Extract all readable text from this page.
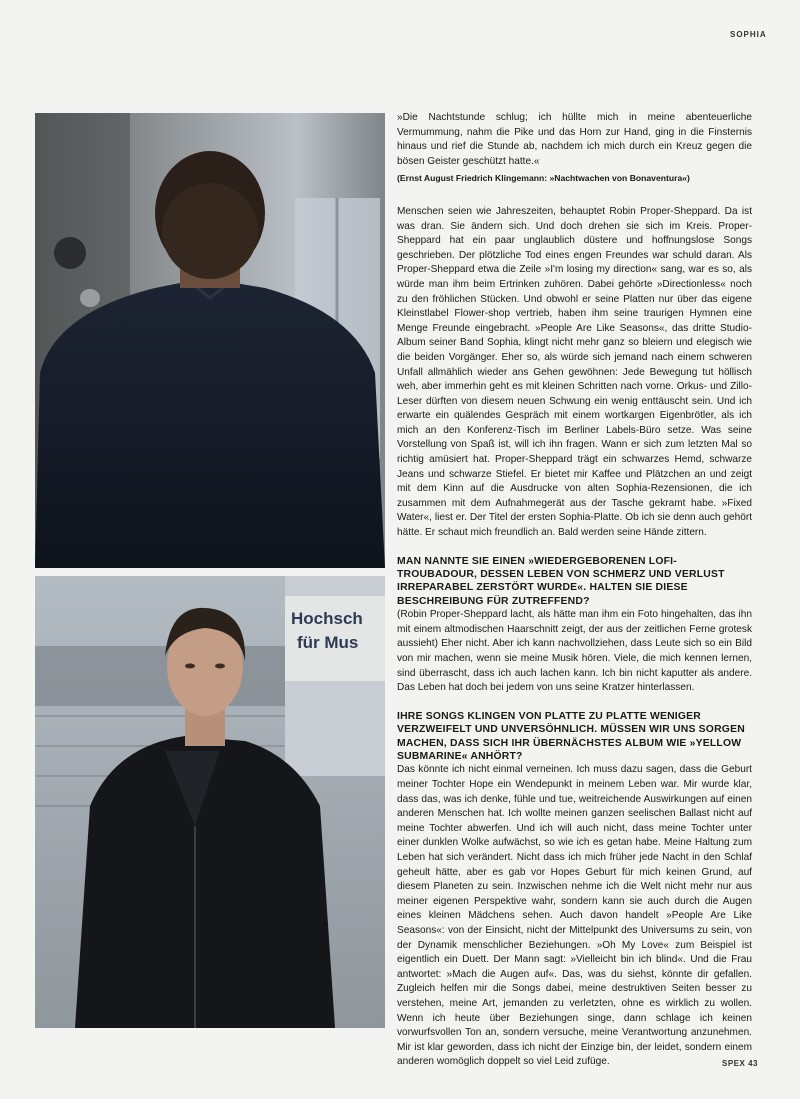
SOPHIA
Hochsch
für Mus

»Die Nachtstunde schlug; ich hüllte mich in meine abenteuerliche Vermummung, nahm die Pike und das Horn zur Hand, ging in die Finsternis hinaus und rief die Stunde ab, nachdem ich mich durch ein Kreuz gegen die bösen Geister geschützt hatte.«

(Ernst August Friedrich Klingemann: »Nachtwachen von Bonaventura«)

Menschen seien wie Jahreszeiten, behauptet Robin Proper-Sheppard. Da ist was dran. Sie ändern sich. Und doch drehen sie sich im Kreis. Proper-Sheppard hat ein paar unglaublich düstere und hoffnungslose Songs geschrieben. Der plötzliche Tod eines engen Freundes war schuld daran. Als Proper-Sheppard etwa die Zeile »I'm losing my direction« sang, war es so, als würde man ihm beim Ertrinken zuhören. Dabei gehörte »Directionless« noch zu den fröhlichen Stücken. Und obwohl er seine Platten nur über das eigene Kleinstlabel Flower-shop vertrieb, haben ihm seine traurigen Hymnen eine Menge Freunde eingebracht. »People Are Like Seasons«, das dritte Studio-Album seiner Band Sophia, klingt nicht mehr ganz so bleiern und elegisch wie die beiden Vorgänger. Eher so, als würde sich jemand nach einem schweren Unfall allmählich wieder ans Gehen gewöhnen: Jede Bewegung tut höllisch weh, aber immerhin geht es mit kleinen Schritten nach vorne. Orkus- und Zillo-Leser dürften von diesem neuen Schwung ein wenig enttäuscht sein. Und ich erwarte ein quälendes Gespräch mit einem wortkargen Eigenbrötler, als ich mich an den Konferenz-Tisch im Berliner Labels-Büro setze. Was seine Vorstellung von Spaß ist, will ich ihn fragen. Wann er sich zum letzten Mal so richtig amüsiert hat. Proper-Sheppard trägt ein schwarzes Hemd, schwarze Jeans und schwarze Stiefel. Er bietet mir Kaffee und Plätzchen an und zeigt mit dem Kinn auf die Ausdrucke von alten Sophia-Rezensionen, die ich zusammen mit dem Aufnahmegerät aus der Tasche gekramt habe. »Fixed Water«, liest er. Der Titel der ersten Sophia-Platte. Ob ich sie denn auch gehört hätte. Er schaut mich freundlich an. Bald werden seine Hände zittern.

MAN NANNTE SIE EINEN »WIEDERGEBORENEN LOFI-TROUBADOUR, DESSEN LEBEN VON SCHMERZ UND VERLUST IRREPARABEL ZERSTÖRT WURDE«. HALTEN SIE DIESE BESCHREIBUNG FÜR ZUTREFFEND?

(Robin Proper-Sheppard lacht, als hätte man ihm ein Foto hingehalten, das ihn mit einem altmodischen Haarschnitt zeigt, der aus der zeitlichen Ferne grotesk aussieht) Eher nicht. Aber ich kann nachvollziehen, dass Leute sich so ein Bild von mir machen, wenn sie meine Musik hören. Viele, die mich kennen lernen, sind überrascht, dass ich auch lachen kann. Ich bin nicht kaputter als andere. Das Leben hat doch bei jedem von uns seine Kratzer hinterlassen.

IHRE SONGS KLINGEN VON PLATTE ZU PLATTE WENIGER VERZWEIFELT UND UNVERSÖHNLICH. MÜSSEN WIR UNS SORGEN MACHEN, DASS SICH IHR ÜBERNÄCHSTES ALBUM WIE »YELLOW SUBMARINE« ANHÖRT?

Das könnte ich nicht einmal verneinen. Ich muss dazu sagen, dass die Geburt meiner Tochter Hope ein Wendepunkt in meinem Leben war. Mir wurde klar, dass das, was ich denke, fühle und tue, weitreichende Auswirkungen auf einen anderen Menschen hat. Ich wollte meinen ganzen seelischen Ballast nicht auf meine Tochter abwerfen. Und ich will auch nicht, dass meine Tochter unter einer dunklen Wolke aufwächst, so wie ich es getan habe. Meine Haltung zum Leben hat sich verändert. Nicht dass ich mich früher jede Nacht in den Schlaf geheult hätte, aber es gab vor Hopes Geburt für mich keinen Grund, auf diesem Planeten zu sein. Inzwischen nehme ich die Welt nicht mehr nur aus meiner eigenen Perspektive wahr, sondern kann sie auch durch die Augen eines kleinen Mädchens sehen. Auch davon handelt »People Are Like Seasons«: von der Einsicht, nicht der Mittelpunkt des Universums zu sein, von der Dynamik menschlicher Beziehungen. »Oh My Love« zum Beispiel ist eigentlich ein Duett. Der Mann sagt: »Vielleicht bin ich blind«. Und die Frau antwortet: »Mach die Augen auf«. Das, was du siehst, könnte dir gefallen. Zugleich helfen mir die Songs dabei, meine destruktiven Seiten besser zu verstehen, meine Art, jemanden zu verletzten, ohne es wirklich zu wollen. Wenn ich heute über Beziehungen singe, dann schlage ich keinen vorwurfsvollen Ton an, sondern versuche, meine Verantwortung anzunehmen. Mir ist klar geworden, dass ich nicht der Einzige bin, der leidet, sondern einem anderen womöglich doppelt so viel Leid zufüge.	SPEX 43
